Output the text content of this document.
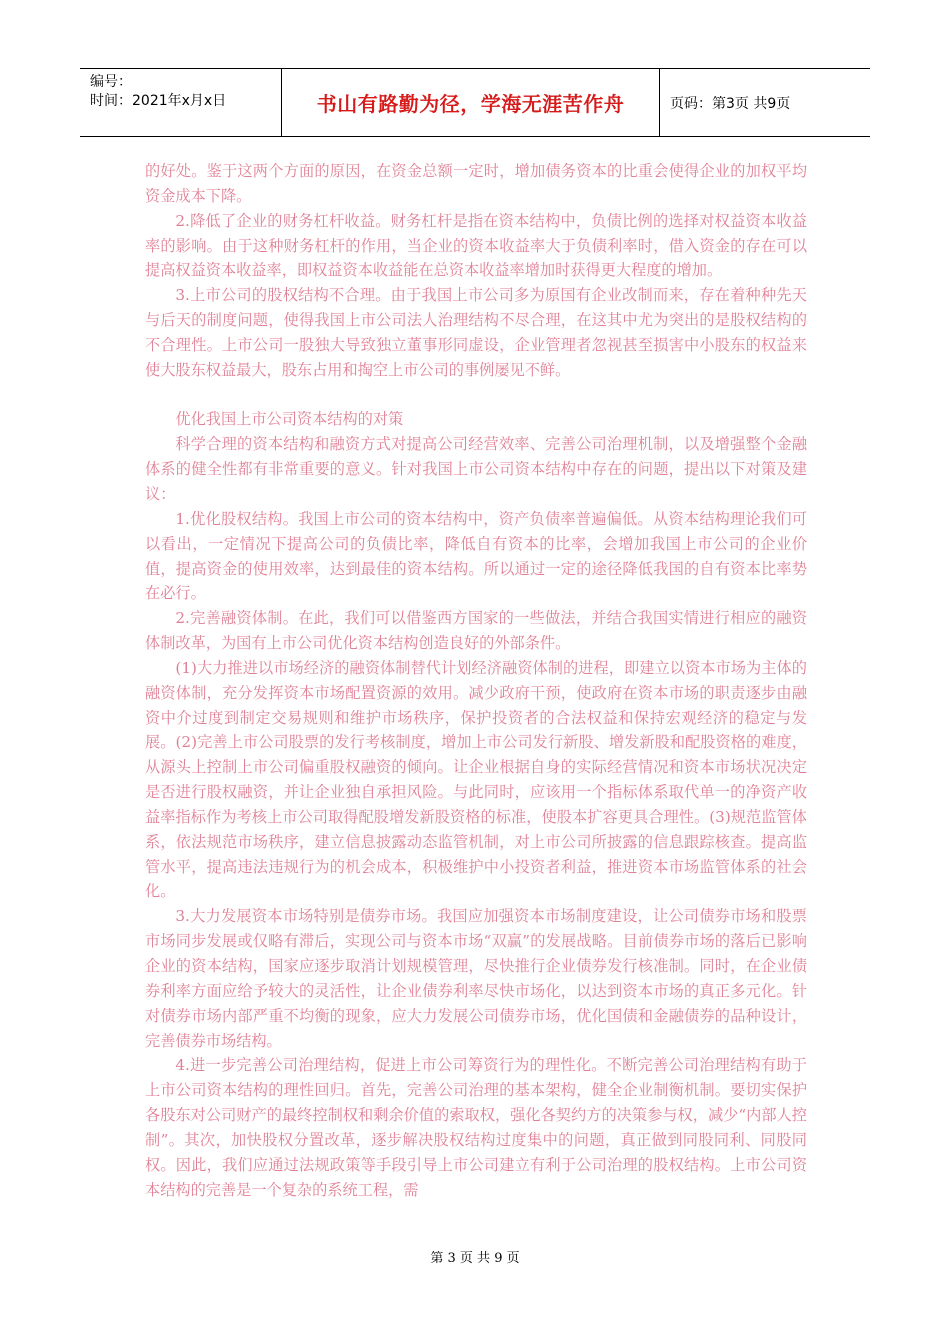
编号：
时间：2021年x月x日	书山有路勤为径，学海无涯苦作舟	页码：第3页 共9页

的好处。鉴于这两个方面的原因，在资金总额一定时，增加债务资本的比重会使得企业的加权平均资金成本下降。

2.降低了企业的财务杠杆收益。财务杠杆是指在资本结构中，负债比例的选择对权益资本收益率的影响。由于这种财务杠杆的作用，当企业的资本收益率大于负债利率时，借入资金的存在可以提高权益资本收益率，即权益资本收益能在总资本收益率增加时获得更大程度的增加。

3.上市公司的股权结构不合理。由于我国上市公司多为原国有企业改制而来，存在着种种先天与后天的制度问题，使得我国上市公司法人治理结构不尽合理，在这其中尤为突出的是股权结构的不合理性。上市公司一股独大导致独立董事形同虚设，企业管理者忽视甚至损害中小股东的权益来使大股东权益最大，股东占用和掏空上市公司的事例屡见不鲜。

优化我国上市公司资本结构的对策

科学合理的资本结构和融资方式对提高公司经营效率、完善公司治理机制，以及增强整个金融体系的健全性都有非常重要的意义。针对我国上市公司资本结构中存在的问题，提出以下对策及建议：

1.优化股权结构。我国上市公司的资本结构中，资产负债率普遍偏低。从资本结构理论我们可以看出，一定情况下提高公司的负债比率，降低自有资本的比率，会增加我国上市公司的企业价值，提高资金的使用效率，达到最佳的资本结构。所以通过一定的途径降低我国的自有资本比率势在必行。

2.完善融资体制。在此，我们可以借鉴西方国家的一些做法，并结合我国实情进行相应的融资体制改革，为国有上市公司优化资本结构创造良好的外部条件。

(1)大力推进以市场经济的融资体制替代计划经济融资体制的进程，即建立以资本市场为主体的融资体制，充分发挥资本市场配置资源的效用。减少政府干预，使政府在资本市场的职责逐步由融资中介过度到制定交易规则和维护市场秩序，保护投资者的合法权益和保持宏观经济的稳定与发展。(2)完善上市公司股票的发行考核制度，增加上市公司发行新股、增发新股和配股资格的难度，从源头上控制上市公司偏重股权融资的倾向。让企业根据自身的实际经营情况和资本市场状况决定是否进行股权融资，并让企业独自承担风险。与此同时，应该用一个指标体系取代单一的净资产收益率指标作为考核上市公司取得配股增发新股资格的标准，使股本扩容更具合理性。(3)规范监管体系，依法规范市场秩序，建立信息披露动态监管机制，对上市公司所披露的信息跟踪核查。提高监管水平，提高违法违规行为的机会成本，积极维护中小投资者利益，推进资本市场监管体系的社会化。

3.大力发展资本市场特别是债券市场。我国应加强资本市场制度建设，让公司债券市场和股票市场同步发展或仅略有滞后，实现公司与资本市场“双赢”的发展战略。目前债券市场的落后已影响企业的资本结构，国家应逐步取消计划规模管理，尽快推行企业债券发行核准制。同时，在企业债券利率方面应给予较大的灵活性，让企业债券利率尽快市场化，以达到资本市场的真正多元化。针对债券市场内部严重不均衡的现象，应大力发展公司债券市场，优化国债和金融债券的品种设计，完善债券市场结构。

4.进一步完善公司治理结构，促进上市公司筹资行为的理性化。不断完善公司治理结构有助于上市公司资本结构的理性回归。首先，完善公司治理的基本架构，健全企业制衡机制。要切实保护各股东对公司财产的最终控制权和剩余价值的索取权，强化各契约方的决策参与权，减少“内部人控制”。其次，加快股权分置改革，逐步解决股权结构过度集中的问题，真正做到同股同利、同股同权。因此，我们应通过法规政策等手段引导上市公司建立有利于公司治理的股权结构。上市公司资本结构的完善是一个复杂的系统工程，需

第 3 页 共 9 页
